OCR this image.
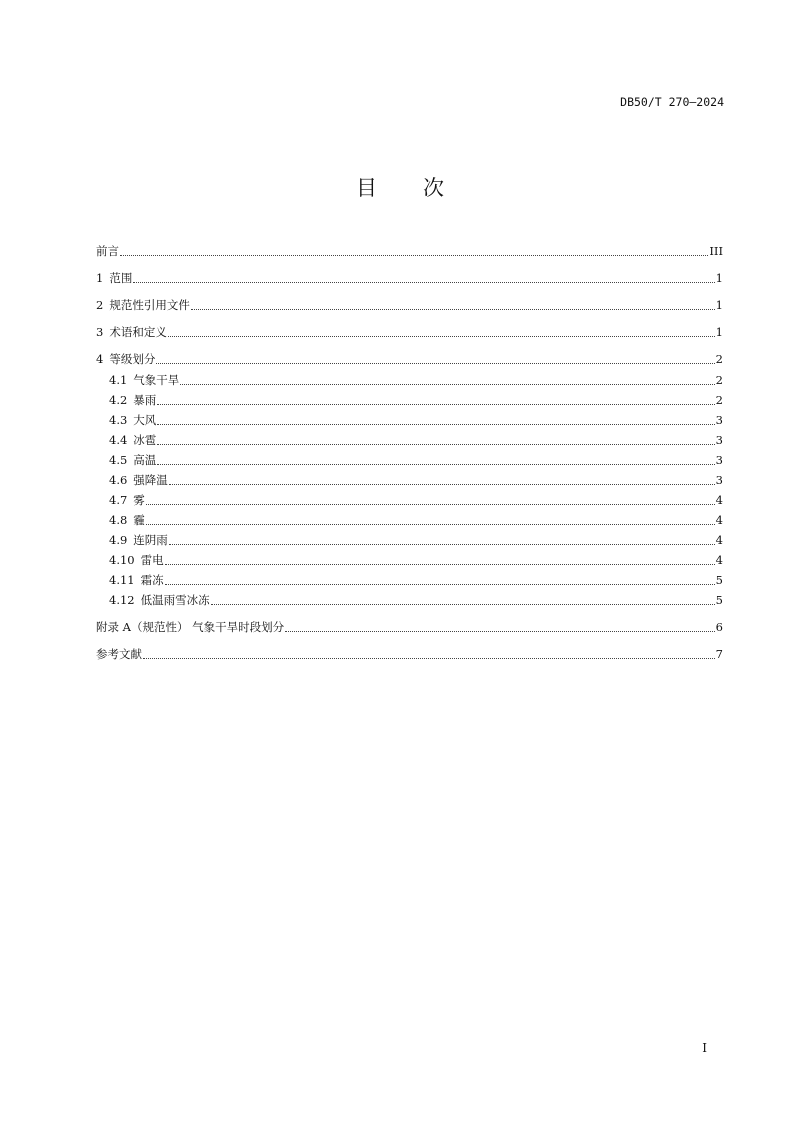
DB50/T 270—2024
目 次
前言	III
1 范围	1
2 规范性引用文件	1
3 术语和定义	1
4 等级划分	2
4.1 气象干旱	2
4.2 暴雨	2
4.3 大风	3
4.4 冰雹	3
4.5 高温	3
4.6 强降温	3
4.7 雾	4
4.8 霾	4
4.9 连阴雨	4
4.10 雷电	4
4.11 霜冻	5
4.12 低温雨雪冰冻	5
附录 A（规范性） 气象干旱时段划分	6
参考文献	7
I
